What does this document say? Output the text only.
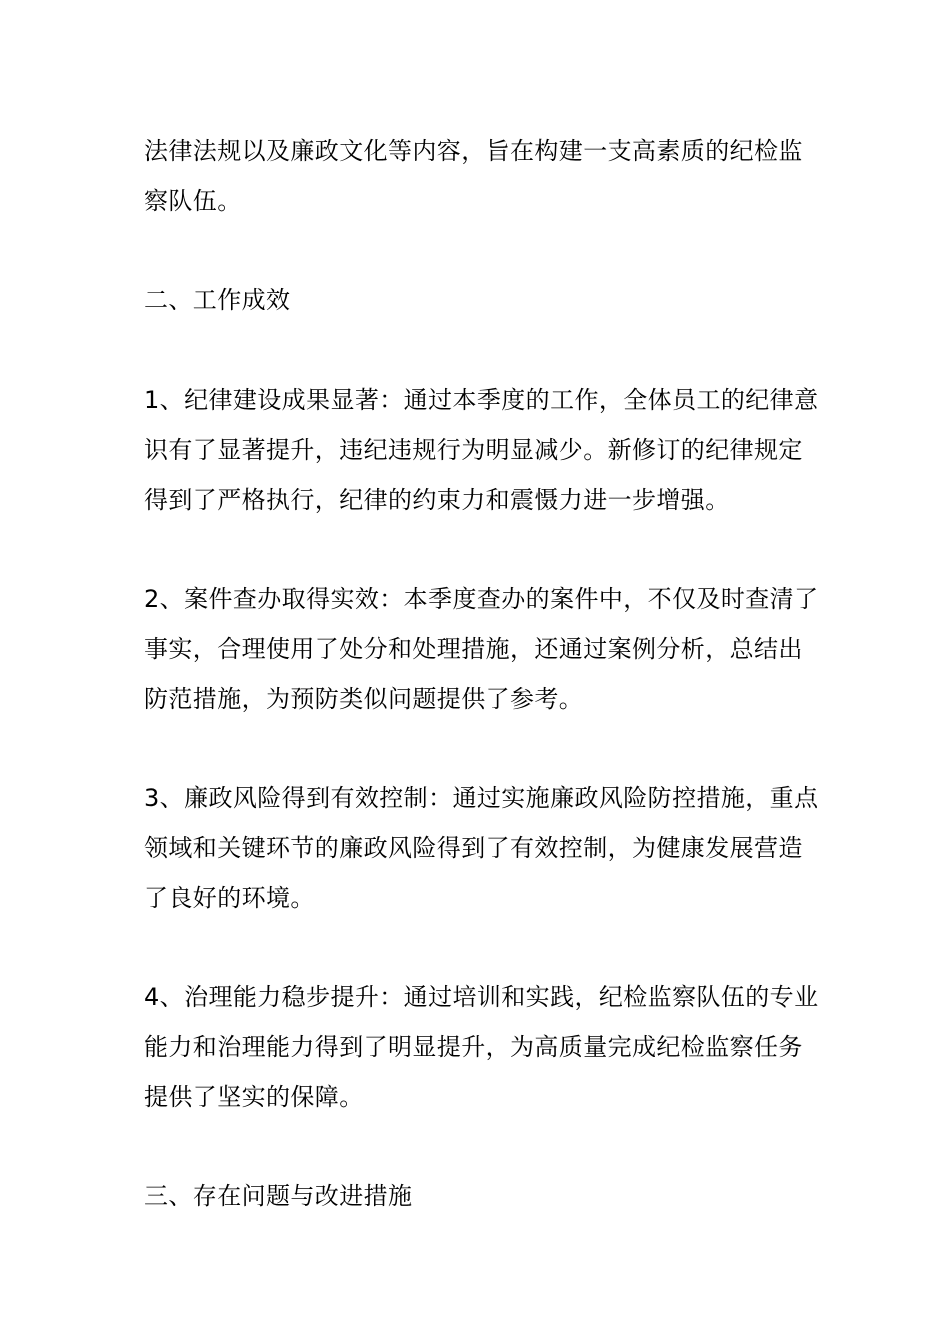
法律法规以及廉政文化等内容，旨在构建一支高素质的纪检监
察队伍。
二、工作成效
1、纪律建设成果显著：通过本季度的工作，全体员工的纪律意
识有了显著提升，违纪违规行为明显减少。新修订的纪律规定
得到了严格执行，纪律的约束力和震慑力进一步增强。
2、案件查办取得实效：本季度查办的案件中，不仅及时查清了
事实，合理使用了处分和处理措施，还通过案例分析，总结出
防范措施，为预防类似问题提供了参考。
3、廉政风险得到有效控制：通过实施廉政风险防控措施，重点
领域和关键环节的廉政风险得到了有效控制，为健康发展营造
了良好的环境。
4、治理能力稳步提升：通过培训和实践，纪检监察队伍的专业
能力和治理能力得到了明显提升，为高质量完成纪检监察任务
提供了坚实的保障。
三、存在问题与改进措施
